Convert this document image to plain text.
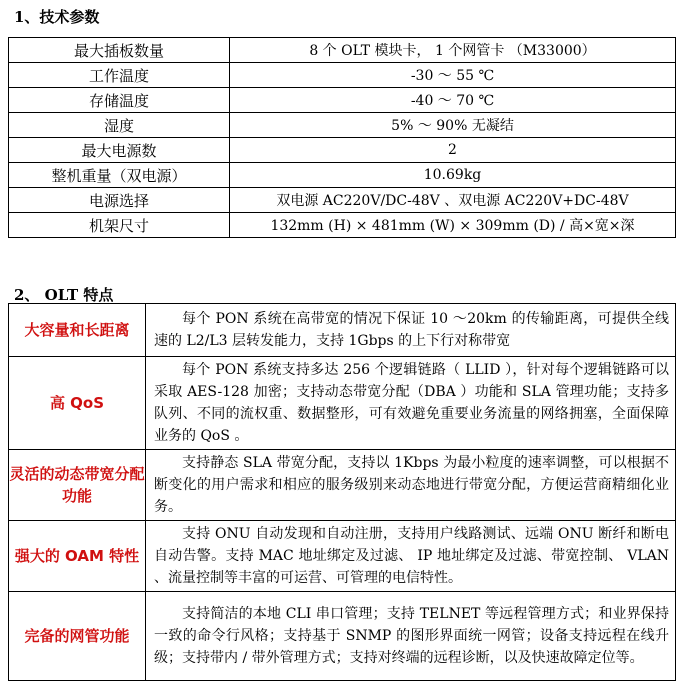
1、技术参数
最大插板数量	8 个 OLT 模块卡， 1 个网管卡 （M33000）
工作温度	-30 ～ 55 ℃
存储温度	-40 ～ 70 ℃
湿度	5% ～ 90% 无凝结
最大电源数	2
整机重量（双电源）	10.69kg
电源选择	双电源 AC220V/DC-48V 、双电源 AC220V+DC-48V
机架尺寸	132mm (H) × 481mm (W) × 309mm (D) / 高×宽×深
2、 OLT 特点
大容量和长距离	每个 PON 系统在高带宽的情况下保证 10 ～20km 的传输距离，可提供全线速的 L2/L3 层转发能力，支持 1Gbps 的上下行对称带宽
高 QoS	每个 PON 系统支持多达 256 个逻辑链路（ LLID ），针对每个逻辑链路可以采取 AES-128 加密；支持动态带宽分配（DBA ）功能和 SLA 管理功能；支持多队列、不同的流权重、数据整形，可有效避免重要业务流量的网络拥塞，全面保障业务的 QoS 。
灵活的动态带宽分配功能	支持静态 SLA 带宽分配，支持以 1Kbps 为最小粒度的速率调整，可以根据不断变化的用户需求和相应的服务级别来动态地进行带宽分配，方便运营商精细化业务。
强大的 OAM 特性	支持 ONU 自动发现和自动注册，支持用户线路测试、远端 ONU 断纤和断电自动告警。支持 MAC 地址绑定及过滤、 IP 地址绑定及过滤、带宽控制、 VLAN 、流量控制等丰富的可运营、可管理的电信特性。
完备的网管功能	支持简洁的本地 CLI 串口管理；支持 TELNET 等远程管理方式；和业界保持一致的命令行风格；支持基于 SNMP 的图形界面统一网管；设备支持远程在线升级；支持带内 / 带外管理方式；支持对终端的远程诊断，以及快速故障定位等。
